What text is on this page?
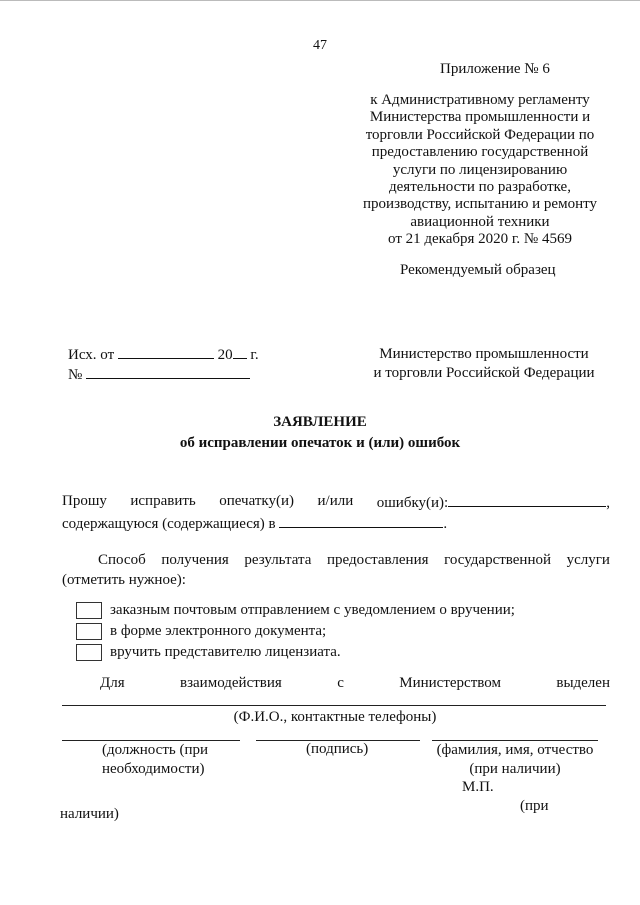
47
Приложение № 6
к Административному регламенту
Министерства промышленности и
торговли Российской Федерации по
предоставлению государственной
услуги по лицензированию
деятельности по разработке,
производству, испытанию и ремонту
авиационной техники
от 21 декабря 2020 г. № 4569
Рекомендуемый образец
Исх. от	20 г.
№
Министерство промышленности
и торговли Российской Федерации
ЗАЯВЛЕНИЕ
об исправлении опечаток и (или) ошибок
Прошу исправить опечатку(и) и/или ошибку(и):	,
содержащуюся (содержащиеся) в	.
Способ получения результата предоставления государственной услуги
(отметить нужное):
заказным почтовым отправлением с уведомлением о вручении;
в форме электронного документа;
вручить представителю лицензиата.
Для	взаимодействия	с	Министерством	выделен
(Ф.И.О., контактные телефоны)
(должность (при
необходимости)
(подпись)	(фамилия, имя, отчество
(при наличии)
М.П.
(при
наличии)
